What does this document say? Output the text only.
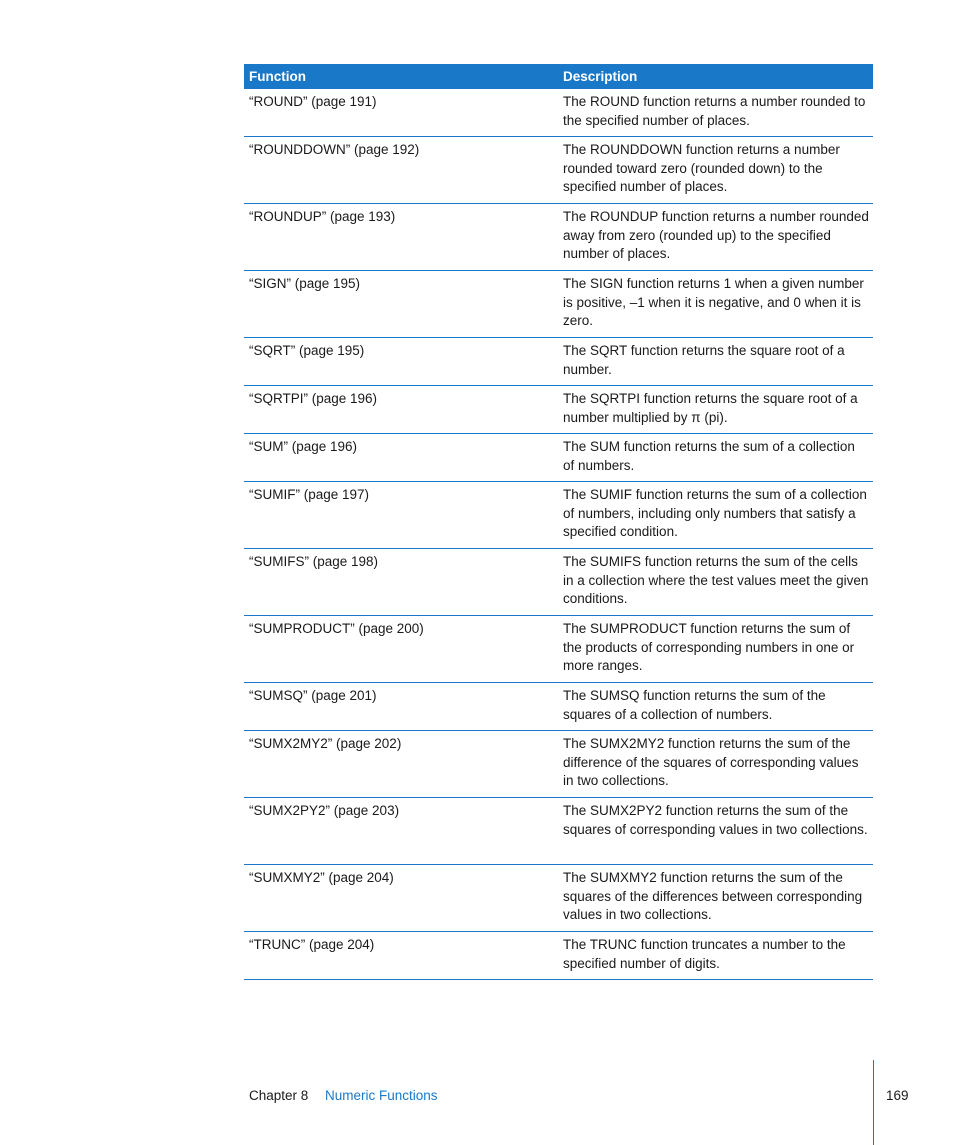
Function	Description
“ROUND” (page 191)	The ROUND function returns a number rounded to the specified number of places.
“ROUNDDOWN” (page 192)	The ROUNDDOWN function returns a number rounded toward zero (rounded down) to the specified number of places.
“ROUNDUP” (page 193)	The ROUNDUP function returns a number rounded away from zero (rounded up) to the specified number of places.
“SIGN” (page 195)	The SIGN function returns 1 when a given number is positive, –1 when it is negative, and 0 when it is zero.
“SQRT” (page 195)	The SQRT function returns the square root of a number.
“SQRTPI” (page 196)	The SQRTPI function returns the square root of a number multiplied by π (pi).
“SUM” (page 196)	The SUM function returns the sum of a collection of numbers.
“SUMIF” (page 197)	The SUMIF function returns the sum of a collection of numbers, including only numbers that satisfy a specified condition.
“SUMIFS” (page 198)	The SUMIFS function returns the sum of the cells in a collection where the test values meet the given conditions.
“SUMPRODUCT” (page 200)	The SUMPRODUCT function returns the sum of the products of corresponding numbers in one or more ranges.
“SUMSQ” (page 201)	The SUMSQ function returns the sum of the squares of a collection of numbers.
“SUMX2MY2” (page 202)	The SUMX2MY2 function returns the sum of the difference of the squares of corresponding values in two collections.
“SUMX2PY2” (page 203)	The SUMX2PY2 function returns the sum of the squares of corresponding values in two collections.
“SUMXMY2” (page 204)	The SUMXMY2 function returns the sum of the squares of the differences between corresponding values in two collections.
“TRUNC” (page 204)	The TRUNC function truncates a number to the specified number of digits.
Chapter 8 Numeric Functions	169
